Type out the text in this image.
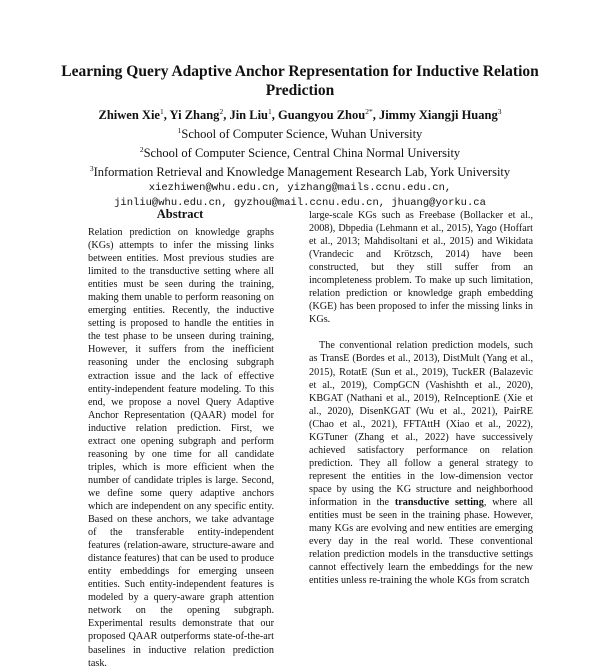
Learning Query Adaptive Anchor Representation for Inductive Relation Prediction
Zhiwen Xie$^1$, Yi Zhang$^2$, Jin Liu$^1$, Guangyou Zhou$^{2*}$, Jimmy Xiangji Huang$^3$
$^1$School of Computer Science, Wuhan University
$^2$School of Computer Science, Central China Normal University
$^3$Information Retrieval and Knowledge Management Research Lab, York University
xiezhiwen@whu.edu.cn, yizhang@mails.ccnu.edu.cn,
jinliu@whu.edu.cn, gyzhou@mail.ccnu.edu.cn, jhuang@yorku.ca
Abstract

Relation prediction on knowledge graphs (KGs) attempts to infer the missing links between entities. Most previous studies are limited to the transductive setting where all entities must be seen during the training, making them unable to perform reasoning on emerging entities. Recently, the inductive setting is proposed to handle the entities in the test phase to be unseen during training, However, it suffers from the inefficient reasoning under the enclosing subgraph extraction issue and the lack of effective entity-independent feature modeling. To this end, we propose a novel Query Adaptive Anchor Representation (QAAR) model for inductive relation prediction. First, we extract one opening subgraph and perform reasoning by one time for all candidate triples, which is more efficient when the number of candidate triples is large. Second, we define some query adaptive anchors which are independent on any specific entity. Based on these anchors, we take advantage of the transferable entity-independent features (relation-aware, structure-aware and distance features) that can be used to produce entity embeddings for emerging unseen entities. Such entity-independent features is modeled by a query-aware graph attention network on the opening subgraph. Experimental results demonstrate that our proposed QAAR outperforms state-of-the-art baselines in inductive relation prediction task.

large-scale KGs such as Freebase (Bollacker et al., 2008), Dbpedia (Lehmann et al., 2015), Yago (Hoffart et al., 2013; Mahdisoltani et al., 2015) and Wikidata (Vrandecic and Krötzsch, 2014) have been constructed, but they still suffer from an incompleteness problem. To make up such limitation, relation prediction or knowledge graph embedding (KGE) has been proposed to infer the missing links in KGs.

The conventional relation prediction models, such as TransE (Bordes et al., 2013), DistMult (Yang et al., 2015), RotatE (Sun et al., 2019), TuckER (Balazevic et al., 2019), CompGCN (Vashishth et al., 2020), KBGAT (Nathani et al., 2019), ReInceptionE (Xie et al., 2020), DisenKGAT (Wu et al., 2021), PairRE (Chao et al., 2021), FFTAttH (Xiao et al., 2022), KGTuner (Zhang et al., 2022) have successively achieved satisfactory performance on relation prediction. They all follow a general strategy to represent the entities in the low-dimension vector space by using the KG structure and neighborhood information in the transductive setting, where all entities must be seen in the training phase. However, many KGs are evolving and new entities are emerging every day in the real world. These conventional relation prediction models in the transductive settings cannot effectively learn the embeddings for the new entities unless re-training the whole KGs from scratch
